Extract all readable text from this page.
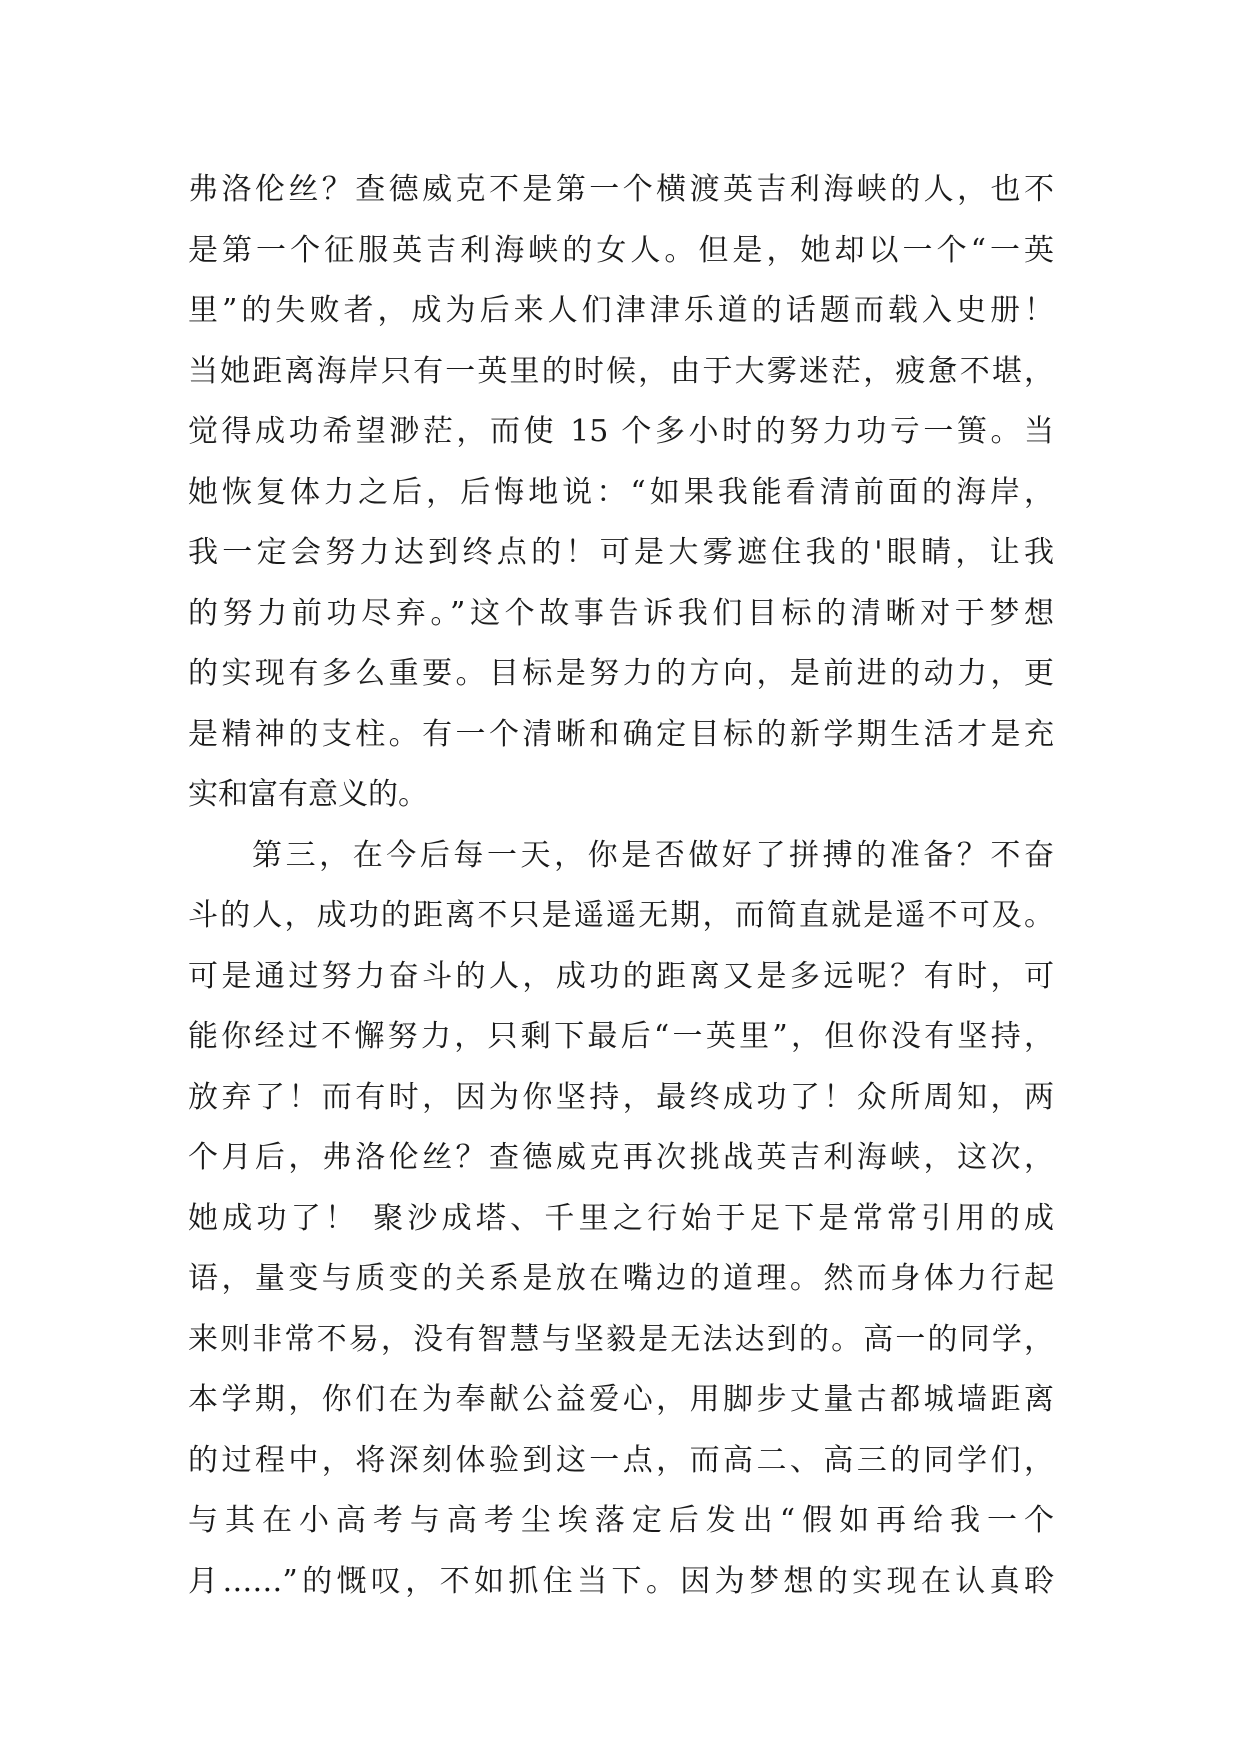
弗洛伦丝？查德威克不是第一个横渡英吉利海峡的人，也不
是第一个征服英吉利海峡的女人。但是，她却以一个“一英
里”的失败者，成为后来人们津津乐道的话题而载入史册！
当她距离海岸只有一英里的时候，由于大雾迷茫，疲惫不堪，
觉得成功希望渺茫，而使 15 个多小时的努力功亏一篑。当
她恢复体力之后，后悔地说：“如果我能看清前面的海岸，
我一定会努力达到终点的！可是大雾遮住我的'眼睛，让我
的努力前功尽弃。”这个故事告诉我们目标的清晰对于梦想
的实现有多么重要。目标是努力的方向，是前进的动力，更
是精神的支柱。有一个清晰和确定目标的新学期生活才是充
实和富有意义的。
第三，在今后每一天，你是否做好了拼搏的准备？不奋
斗的人，成功的距离不只是遥遥无期，而简直就是遥不可及。
可是通过努力奋斗的人，成功的距离又是多远呢？有时，可
能你经过不懈努力，只剩下最后“一英里”，但你没有坚持，
放弃了！而有时，因为你坚持，最终成功了！众所周知，两
个月后，弗洛伦丝？查德威克再次挑战英吉利海峡，这次，
她成功了！ 聚沙成塔、千里之行始于足下是常常引用的成
语，量变与质变的关系是放在嘴边的道理。然而身体力行起
来则非常不易，没有智慧与坚毅是无法达到的。高一的同学，
本学期，你们在为奉献公益爱心，用脚步丈量古都城墙距离
的过程中，将深刻体验到这一点，而高二、高三的同学们，
与其在小高考与高考尘埃落定后发出“假如再给我一个
月……”的慨叹，不如抓住当下。因为梦想的实现在认真聆
